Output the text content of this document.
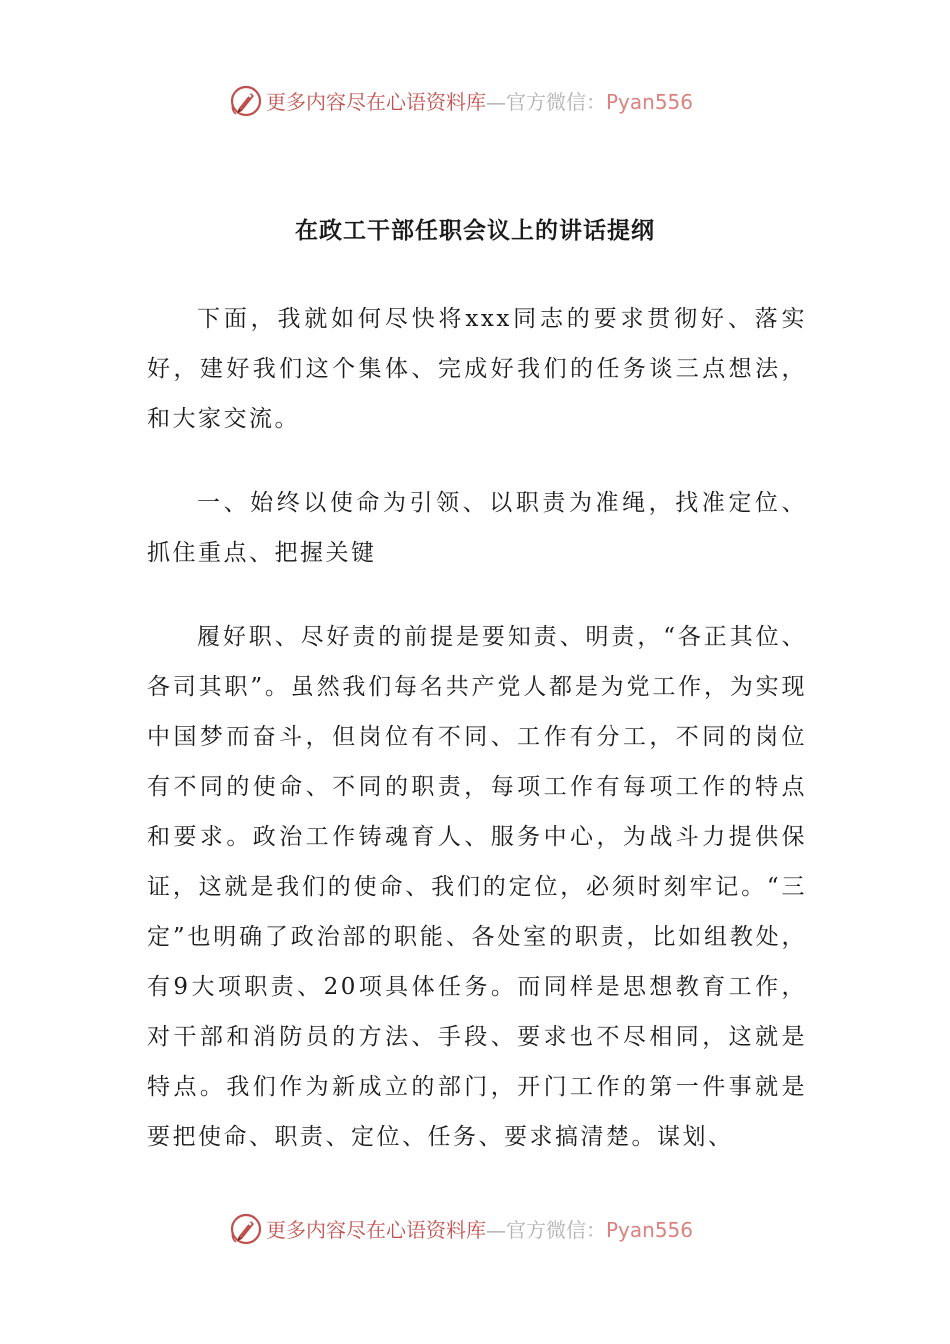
更多内容尽在心语资料库—官方微信：Pyan556
在政工干部任职会议上的讲话提纲

下面，我就如何尽快将xxx同志的要求贯彻好、落实好，建好我们这个集体、完成好我们的任务谈三点想法，和大家交流。

一、始终以使命为引领、以职责为准绳，找准定位、抓住重点、把握关键

履好职、尽好责的前提是要知责、明责，“各正其位、各司其职”。虽然我们每名共产党人都是为党工作，为实现中国梦而奋斗，但岗位有不同、工作有分工，不同的岗位有不同的使命、不同的职责，每项工作有每项工作的特点和要求。政治工作铸魂育人、服务中心，为战斗力提供保证，这就是我们的使命、我们的定位，必须时刻牢记。“三定”也明确了政治部的职能、各处室的职责，比如组教处，有9大项职责、20项具体任务。而同样是思想教育工作，对干部和消防员的方法、手段、要求也不尽相同，这就是特点。我们作为新成立的部门，开门工作的第一件事就是要把使命、职责、定位、任务、要求搞清楚。谋划、

更多内容尽在心语资料库—官方微信：Pyan556
